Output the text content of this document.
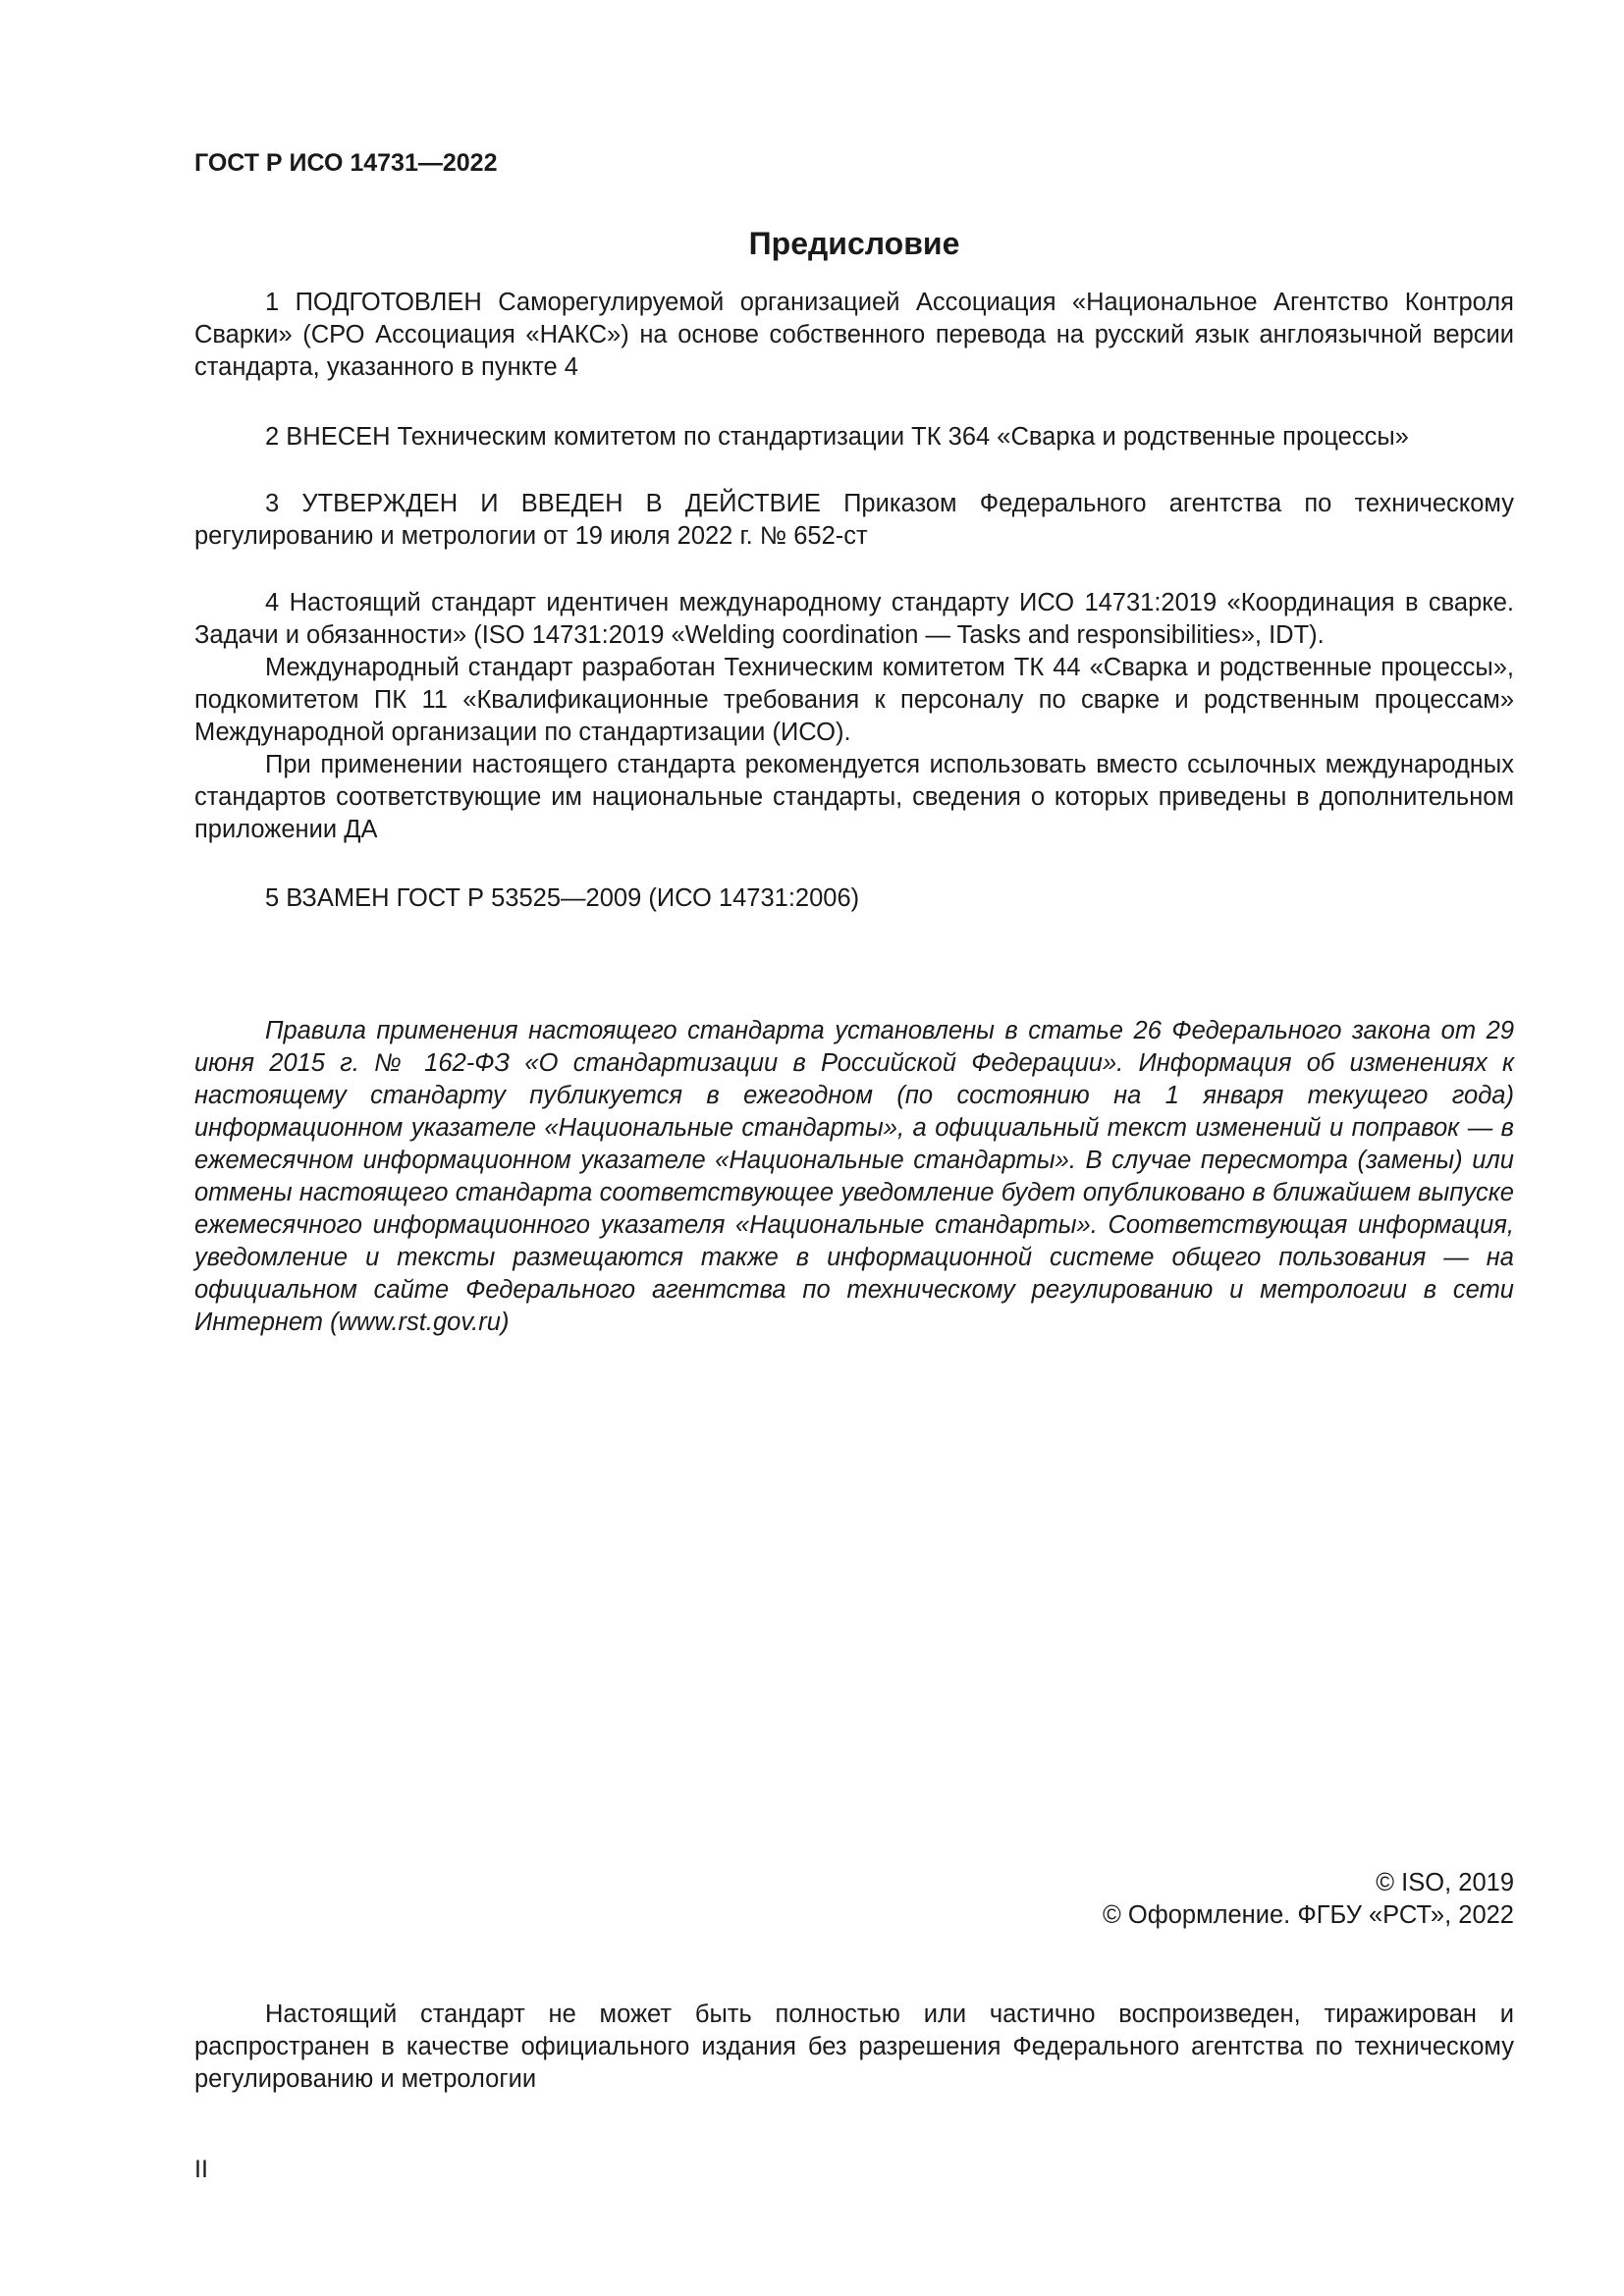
ГОСТ Р ИСО 14731—2022

Предисловие

1 ПОДГОТОВЛЕН Саморегулируемой организацией Ассоциация «Национальное Агентство Контроля Сварки» (СРО Ассоциация «НАКС») на основе собственного перевода на русский язык англоязычной версии стандарта, указанного в пункте 4

2 ВНЕСЕН Техническим комитетом по стандартизации ТК 364 «Сварка и родственные процессы»

3 УТВЕРЖДЕН И ВВЕДЕН В ДЕЙСТВИЕ Приказом Федерального агентства по техническому регулированию и метрологии от 19 июля 2022 г. № 652-ст

4 Настоящий стандарт идентичен международному стандарту ИСО 14731:2019 «Координация в сварке. Задачи и обязанности» (ISO 14731:2019 «Welding coordination — Tasks and responsibilities», IDT).

Международный стандарт разработан Техническим комитетом ТК 44 «Сварка и родственные процессы», подкомитетом ПК 11 «Квалификационные требования к персоналу по сварке и родственным процессам» Международной организации по стандартизации (ИСО).

При применении настоящего стандарта рекомендуется использовать вместо ссылочных международных стандартов соответствующие им национальные стандарты, сведения о которых приведены в дополнительном приложении ДА

5 ВЗАМЕН ГОСТ Р 53525—2009 (ИСО 14731:2006)

Правила применения настоящего стандарта установлены в статье 26 Федерального закона от 29 июня 2015 г. № 162-ФЗ «О стандартизации в Российской Федерации». Информация об изменениях к настоящему стандарту публикуется в ежегодном (по состоянию на 1 января текущего года) информационном указателе «Национальные стандарты», а официальный текст изменений и поправок — в ежемесячном информационном указателе «Национальные стандарты». В случае пересмотра (замены) или отмены настоящего стандарта соответствующее уведомление будет опубликовано в ближайшем выпуске ежемесячного информационного указателя «Национальные стандарты». Соответствующая информация, уведомление и тексты размещаются также в информационной системе общего пользования — на официальном сайте Федерального агентства по техническому регулированию и метрологии в сети Интернет (www.rst.gov.ru)

© ISO, 2019

© Оформление. ФГБУ «РСТ», 2022

Настоящий стандарт не может быть полностью или частично воспроизведен, тиражирован и распространен в качестве официального издания без разрешения Федерального агентства по техническому регулированию и метрологии

II
